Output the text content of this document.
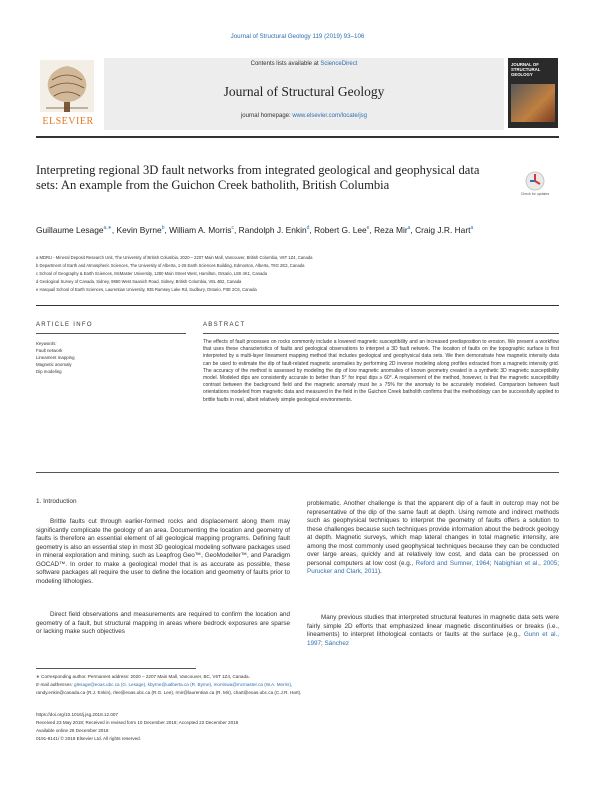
Journal of Structural Geology 119 (2019) 93–106
ELSEVIER
Contents lists available at ScienceDirect
Journal of Structural Geology
journal homepage: www.elsevier.com/locate/jsg
JOURNAL OF
STRUCTURAL
GEOLOGY
Interpreting regional 3D fault networks from integrated geological and geophysical data sets: An example from the Guichon Creek batholith, British Columbia
Check for updates
Guillaume Lesage$^{a,∗}$, Kevin Byrne$^b$, William A. Morris$^c$, Randolph J. Enkin$^d$, Robert G. Lee$^e$, Reza Mir$^a$, Craig J.R. Hart$^a$
a MDRU - Mineral Deposit Research Unit, The University of British Columbia, 2020 – 2207 Main Mall, Vancouver, British Columbia, V6T 1Z4, Canada
b Department of Earth and Atmospheric Sciences, The University of Alberta, 1-26 Earth Sciences Building, Edmonton, Alberta, T6G 2E3, Canada
c School of Geography & Earth Sciences, McMaster University, 1280 Main Street West, Hamilton, Ontario, L8S 4K1, Canada
d Geological Survey of Canada, Sidney, 9860 West Saanich Road, Sidney, British Columbia, V8L 4B2, Canada
e Harquail School of Earth Sciences, Laurentian University, 935 Ramsey Lake Rd, Sudbury, Ontario, P3E 2C6, Canada
ARTICLE INFO	ABSTRACT
Keywords:
Fault network
Lineament mapping
Magnetic anomaly
Dip modeling
The effects of fault processes on rocks commonly include a lowered magnetic susceptibility and an increased predisposition to erosion. We present a workflow that uses these characteristics of faults and geological observations to interpret a 3D fault network. The location of faults on the topographic surface is first interpreted by a multi-layer lineament mapping method that includes geological and geophysical data sets. We then demonstrate how magnetic intensity data can be used to estimate the dip of fault-related magnetic anomalies by performing 2D inverse modeling along profiles extracted from a magnetic intensity grid. The accuracy of the method is assessed by modeling the dip of low magnetic anomalies of known geometry created in a synthetic 3D magnetic susceptibility model. Modeled dips are consistently accurate to better than 5° for input dips ≥ 60°. A requirement of the method, however, is that the magnetic susceptibility contrast between the background field and the magnetic anomaly must be ≥ 75% for the anomaly to be accurately modeled. Comparison between fault orientations modeled from magnetic data and measured in the field in the Guichon Creek batholith confirms that the methodology can be successfully applied to brittle faults in real, albeit relatively simple geological environments.
1. Introduction
Brittle faults cut through earlier-formed rocks and displacement along them may significantly complicate the geology of an area. Documenting the location and geometry of faults is therefore an essential element of all geological mapping programs. Defining fault geometry is also an essential step in most 3D geological modeling software packages used in mineral exploration and mining, such as Leapfrog Geo™, GeoModeller™, and Paradigm GOCAD™. In order to make a geological model that is as accurate as possible, these software packages all require the user to define the location and geometry of faults prior to modeling lithologies.
Direct field observations and measurements are required to confirm the location and geometry of a fault, but structural mapping in areas where bedrock exposures are sparse or lacking make such objectives
problematic. Another challenge is that the apparent dip of a fault in outcrop may not be representative of the dip of the same fault at depth. Using remote and indirect methods such as geophysical techniques to interpret the geometry of faults offers a solution to these challenges because such techniques provide information about the bedrock geology at depth. Magnetic surveys, which map lateral changes in total magnetic intensity, are among the most commonly used geophysical techniques because they can be conducted over large areas, quickly and at relatively low cost, and data can be processed on personal computers at low cost (e.g., Reford and Sumner, 1964; Nabighian et al., 2005; Purucker and Clark, 2011).
Many previous studies that interpreted structural features in magnetic data sets were fairly simple 2D efforts that emphasized linear magnetic discontinuities or breaks (i.e., lineaments) to interpret lithological contacts or faults at the surface (e.g., Gunn et al., 1997; Sánchez
∗ Corresponding author. Permanent address: 2020 – 2207 Main Mall, Vancouver, BC, V6T 1Z4, Canada.
E-mail addresses: glesage@eoas.ubc.ca (G. Lesage), kbyrne@ualberta.ca (R. Byrne), morriswa@mcmaster.ca (W.A. Morris),
randy.enkin@canada.ca (R.J. Enkin), rlee@eoas.ubc.ca (R.G. Lee), rmir@laurentian.ca (R. Mir), chart@eoas.ubc.ca (C.J.R. Hart).
https://doi.org/10.1016/j.jsg.2018.12.007
Received 23 May 2018; Received in revised form 10 December 2018; Accepted 22 December 2018
Available online 26 December 2018
0191-8141/ © 2018 Elsevier Ltd. All rights reserved.
